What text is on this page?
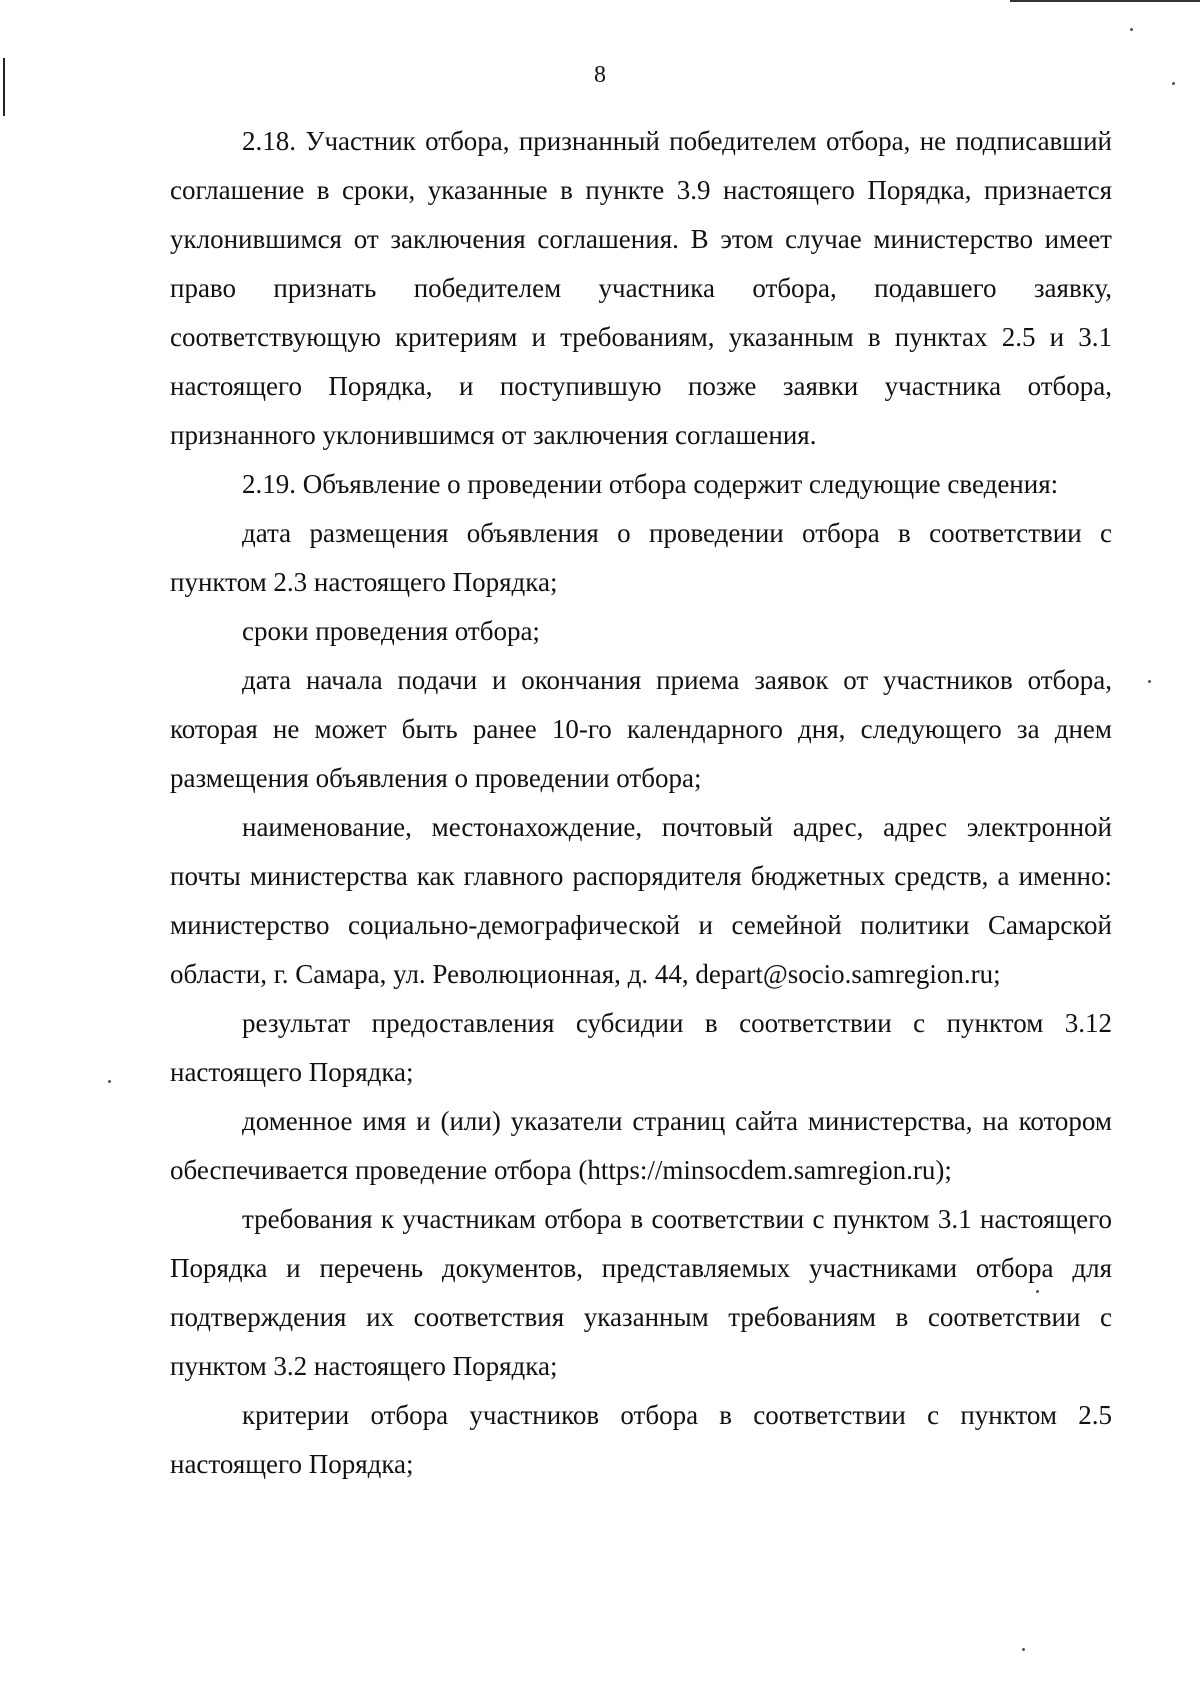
8

2.18. Участник отбора, признанный победителем отбора, не подписавший соглашение в сроки, указанные в пункте 3.9 настоящего Порядка, признается уклонившимся от заключения соглашения. В этом случае министерство имеет право признать победителем участника отбора, подавшего заявку, соответствующую критериям и требованиям, указанным в пунктах 2.5 и 3.1 настоящего Порядка, и поступившую позже заявки участника отбора, признанного уклонившимся от заключения соглашения.

2.19. Объявление о проведении отбора содержит следующие сведения:

дата размещения объявления о проведении отбора в соответствии с пунктом 2.3 настоящего Порядка;

сроки проведения отбора;

дата начала подачи и окончания приема заявок от участников отбора, которая не может быть ранее 10-го календарного дня, следующего за днем размещения объявления о проведении отбора;

наименование, местонахождение, почтовый адрес, адрес электронной почты министерства как главного распорядителя бюджетных средств, а именно: министерство социально-демографической и семейной политики Самарской области, г. Самара, ул. Революционная, д. 44, depart@socio.samregion.ru;

результат предоставления субсидии в соответствии с пунктом 3.12 настоящего Порядка;

доменное имя и (или) указатели страниц сайта министерства, на котором обеспечивается проведение отбора (https://minsocdem.samregion.ru);

требования к участникам отбора в соответствии с пунктом 3.1 настоящего Порядка и перечень документов, представляемых участниками отбора для подтверждения их соответствия указанным требованиям в соответствии с пунктом 3.2 настоящего Порядка;

критерии отбора участников отбора в соответствии с пунктом 2.5 настоящего Порядка;
